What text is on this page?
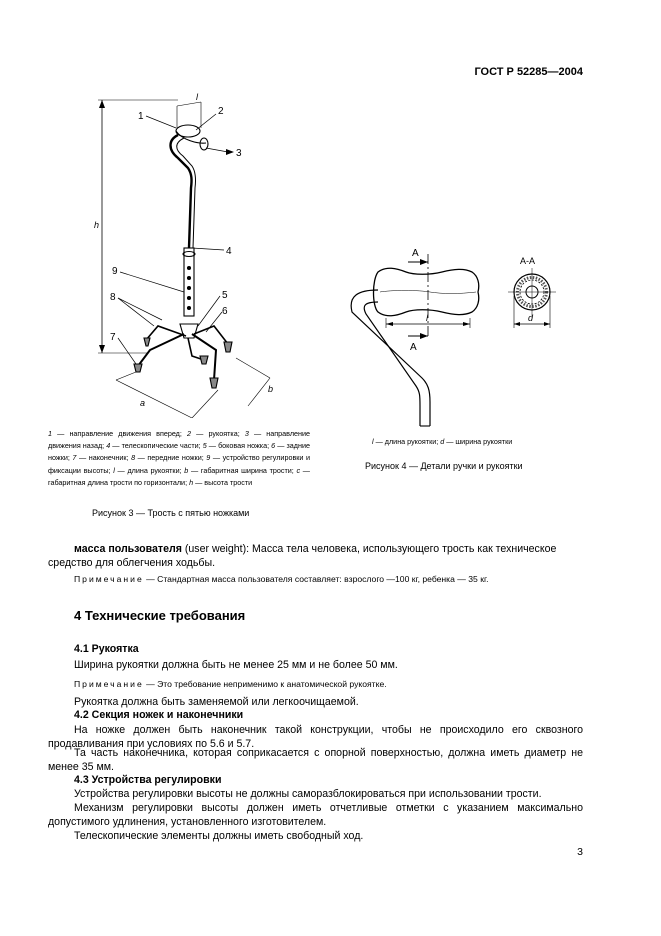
ГОСТ Р 52285—2004
1	2
3
4
5
6
7
8
9
l
h
b
a
А
А
А-А
l	d
1 — направление движения вперед; 2 — рукоятка; 3 — направление движения назад; 4 — телескопические части; 5 — боковая ножка; 6 — задние ножки; 7 — наконечник; 8 — передние ножки; 9 — устройство регулировки и фиксации высоты; l — длина рукоятки; b — габаритная ширина трости; c — габаритная длина трости по горизонтали; h — высота трости
Рисунок 3 — Трость с пятью ножками
l — длина рукоятки; d — ширина рукоятки
Рисунок 4 — Детали ручки и рукоятки
масса пользователя (user weight): Масса тела человека, использующего трость как техническое средство для облегчения ходьбы.
Примечание — Стандартная масса пользователя составляет: взрослого —100 кг, ребенка — 35 кг.
4 Технические требования
4.1 Рукоятка
Ширина рукоятки должна быть не менее 25 мм и не более 50 мм.
Примечание — Это требование неприменимо к анатомической рукоятке.
Рукоятка должна быть заменяемой или легкоочищаемой.
4.2 Секция ножек и наконечники
На ножке должен быть наконечник такой конструкции, чтобы не происходило его сквозного продавливания при условиях по 5.6 и 5.7.
Та часть наконечника, которая соприкасается с опорной поверхностью, должна иметь диаметр не менее 35 мм.
4.3 Устройства регулировки
Устройства регулировки высоты не должны саморазблокироваться при использовании трости.
Механизм регулировки высоты должен иметь отчетливые отметки с указанием максимально допустимого удлинения, установленного изготовителем.
Телескопические элементы должны иметь свободный ход.
3
